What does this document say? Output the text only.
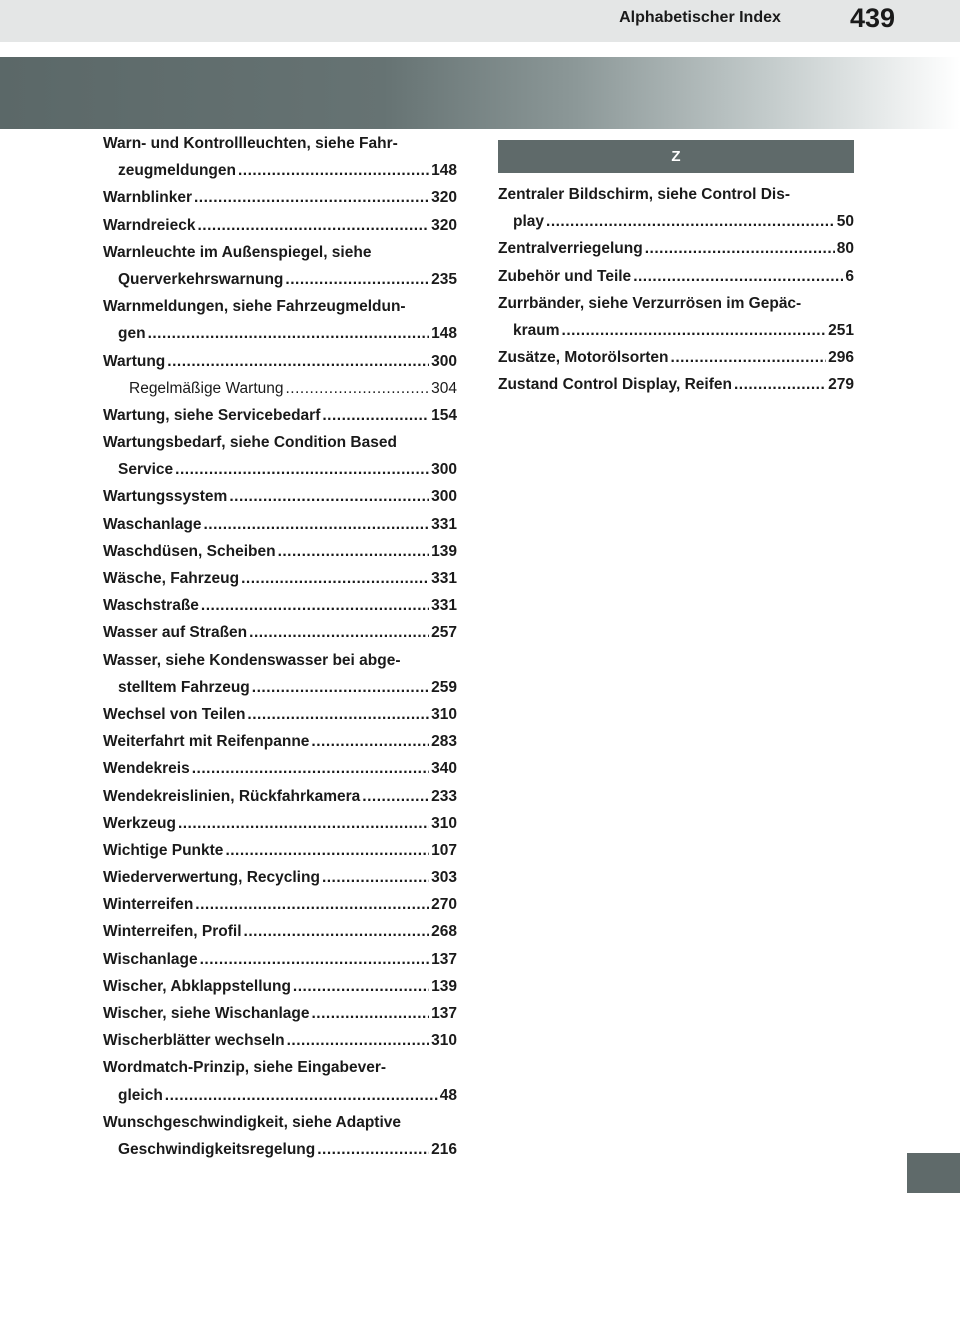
Alphabetischer Index	439
Warn- und Kontrollleuchten, siehe Fahr-
zeugmeldungen .....	148
Warnblinker .....	320
Warndreieck .....	320
Warnleuchte im Außenspiegel, siehe
Querverkehrswarnung .....	235
Warnmeldungen, siehe Fahrzeugmeldun-
gen .....	148
Wartung .....	300
Regelmäßige Wartung .....	304
Wartung, siehe Servicebedarf .....	154
Wartungsbedarf, siehe Condition Based
Service .....	300
Wartungssystem .....	300
Waschanlage .....	331
Waschdüsen, Scheiben .....	139
Wäsche, Fahrzeug .....	331
Waschstraße .....	331
Wasser auf Straßen .....	257
Wasser, siehe Kondenswasser bei abge-
stelltem Fahrzeug .....	259
Wechsel von Teilen .....	310
Weiterfahrt mit Reifenpanne .....	283
Wendekreis .....	340
Wendekreislinien, Rückfahrkamera .....	233
Werkzeug .....	310
Wichtige Punkte .....	107
Wiederverwertung, Recycling .....	303
Winterreifen .....	270
Winterreifen, Profil .....	268
Wischanlage .....	137
Wischer, Abklappstellung .....	139
Wischer, siehe Wischanlage .....	137
Wischerblätter wechseln .....	310
Wordmatch-Prinzip, siehe Eingabever-
gleich .....	48
Wunschgeschwindigkeit, siehe Adaptive
Geschwindigkeitsregelung .....	216
Z
Zentraler Bildschirm, siehe Control Dis-
play .....	50
Zentralverriegelung .....	80
Zubehör und Teile .....	6
Zurrbänder, siehe Verzurrösen im Gepäc-
kraum .....	251
Zusätze, Motorölsorten .....	296
Zustand Control Display, Reifen .....	279
